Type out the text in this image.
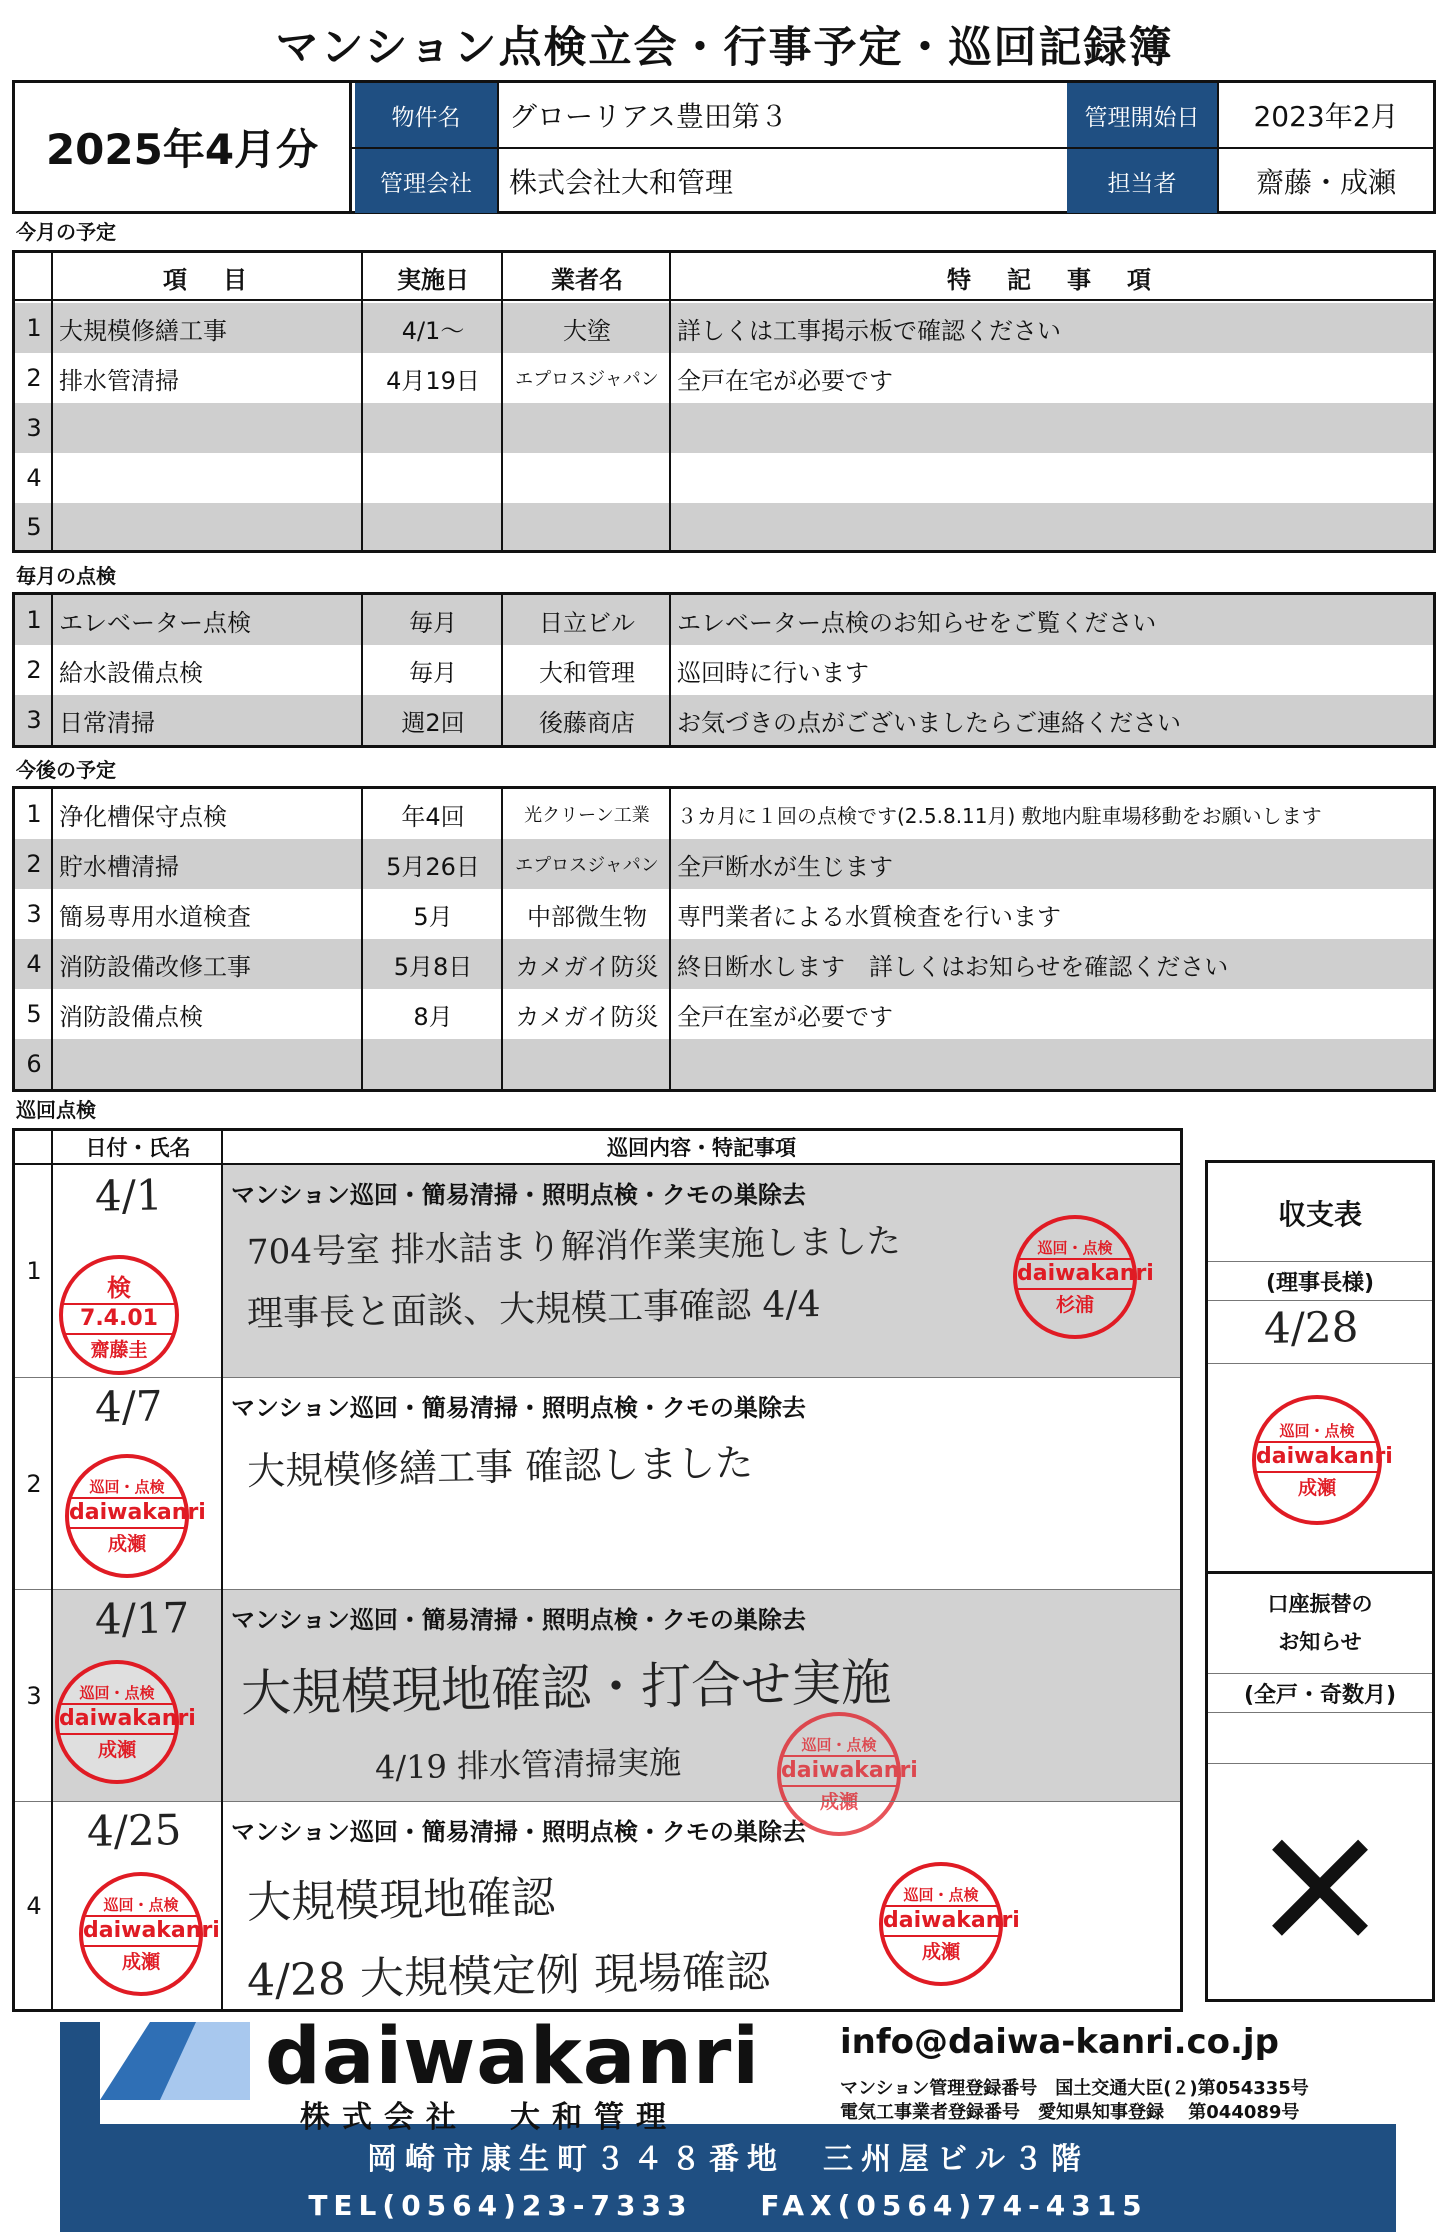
マンション点検立会・行事予定・巡回記録簿
2025年4月分
物件名	グローリアス豊田第３	管理開始日	2023年2月
管理会社	株式会社大和管理	担当者	齋藤・成瀬
今月の予定
項　目	実施日	業者名	特　記　事　項
1 大規模修繕工事	4/1～	大塗	詳しくは工事掲示板で確認ください
2 排水管清掃	4月19日	エプロスジャパン 全戸在宅が必要です
3
4
5
毎月の点検
1 エレベーター点検	毎月	日立ビル	エレベーター点検のお知らせをご覧ください
2 給水設備点検	毎月	大和管理	巡回時に行います
3 日常清掃	週2回	後藤商店	お気づきの点がございましたらご連絡ください
今後の予定
1 浄化槽保守点検	年4回	光クリーン工業	３カ月に１回の点検です(2.5.8.11月) 敷地内駐車場移動をお願いします
2 貯水槽清掃	5月26日	エプロスジャパン 全戸断水が生じます
3 簡易専用水道検査	5月	中部微生物	専門業者による水質検査を行います
4 消防設備改修工事	5月8日	カメガイ防災 終日断水します　詳しくはお知らせを確認ください
5 消防設備点検	8月	カメガイ防災 全戸在室が必要です
6
巡回点検
日付・氏名	巡回内容・特記事項
1
4/1
検
7.4.01
齋藤圭
マンション巡回・簡易清掃・照明点検・クモの巣除去
704号室 排水詰まり解消作業実施しました
理事長と面談、大規模工事確認 4/4
巡回・点検
daiwakanri
杉浦
2
4/7
巡回・点検
daiwakanri
成瀬
マンション巡回・簡易清掃・照明点検・クモの巣除去
大規模修繕工事 確認しました
3
4/17
巡回・点検
daiwakanri
成瀬
マンション巡回・簡易清掃・照明点検・クモの巣除去
大規模現地確認・打合せ実施
4/19 排水管清掃実施	巡回・点検
daiwakanri
成瀬
4
4/25
巡回・点検
daiwakanri
成瀬
マンション巡回・簡易清掃・照明点検・クモの巣除去
大規模現地確認
4/28 大規模定例 現場確認
巡回・点検
daiwakanri
成瀬
収支表
(理事長様)
4/28
巡回・点検
daiwakanri
成瀬
口座振替の
お知らせ
(全戸・奇数月)
×
daiwakanri
株式会社　大和管理
info@daiwa-kanri.co.jp
マンション管理登録番号　国土交通大臣(２)第054335号
電気工事業者登録番号　愛知県知事登録　 第044089号
岡崎市康生町３４８番地　三州屋ビル３階
TEL(0564)23-7333　　FAX(0564)74-4315
